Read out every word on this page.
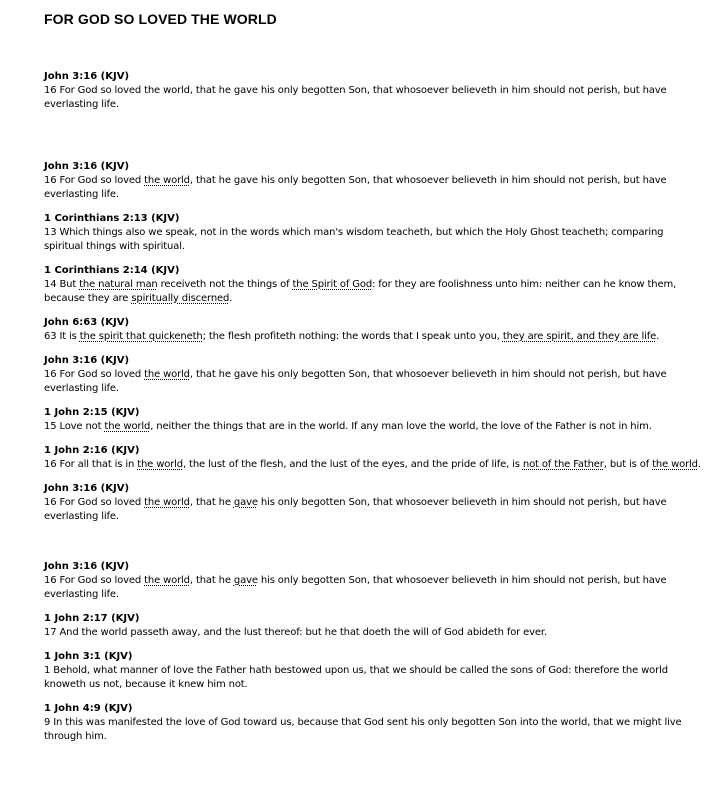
FOR GOD SO LOVED THE WORLD
John 3:16 (KJV)
16 For God so loved the world, that he gave his only begotten Son, that whosoever believeth in him should not perish, but have everlasting life.
John 3:16 (KJV)
16 For God so loved the world, that he gave his only begotten Son, that whosoever believeth in him should not perish, but have everlasting life.
1 Corinthians 2:13 (KJV)
13 Which things also we speak, not in the words which man's wisdom teacheth, but which the Holy Ghost teacheth; comparing spiritual things with spiritual.
1 Corinthians 2:14 (KJV)
14 But the natural man receiveth not the things of the Spirit of God: for they are foolishness unto him: neither can he know them, because they are spiritually discerned.
John 6:63 (KJV)
63 It is the spirit that quickeneth; the flesh profiteth nothing: the words that I speak unto you, they are spirit, and they are life.
John 3:16 (KJV)
16 For God so loved the world, that he gave his only begotten Son, that whosoever believeth in him should not perish, but have everlasting life.
1 John 2:15 (KJV)
15 Love not the world, neither the things that are in the world. If any man love the world, the love of the Father is not in him.
1 John 2:16 (KJV)
16 For all that is in the world, the lust of the flesh, and the lust of the eyes, and the pride of life, is not of the Father, but is of the world.
John 3:16 (KJV)
16 For God so loved the world, that he gave his only begotten Son, that whosoever believeth in him should not perish, but have everlasting life.
John 3:16 (KJV)
16 For God so loved the world, that he gave his only begotten Son, that whosoever believeth in him should not perish, but have everlasting life.
1 John 2:17 (KJV)
17 And the world passeth away, and the lust thereof: but he that doeth the will of God abideth for ever.
1 John 3:1 (KJV)
1 Behold, what manner of love the Father hath bestowed upon us, that we should be called the sons of God: therefore the world knoweth us not, because it knew him not.
1 John 4:9 (KJV)
9 In this was manifested the love of God toward us, because that God sent his only begotten Son into the world, that we might live through him.
